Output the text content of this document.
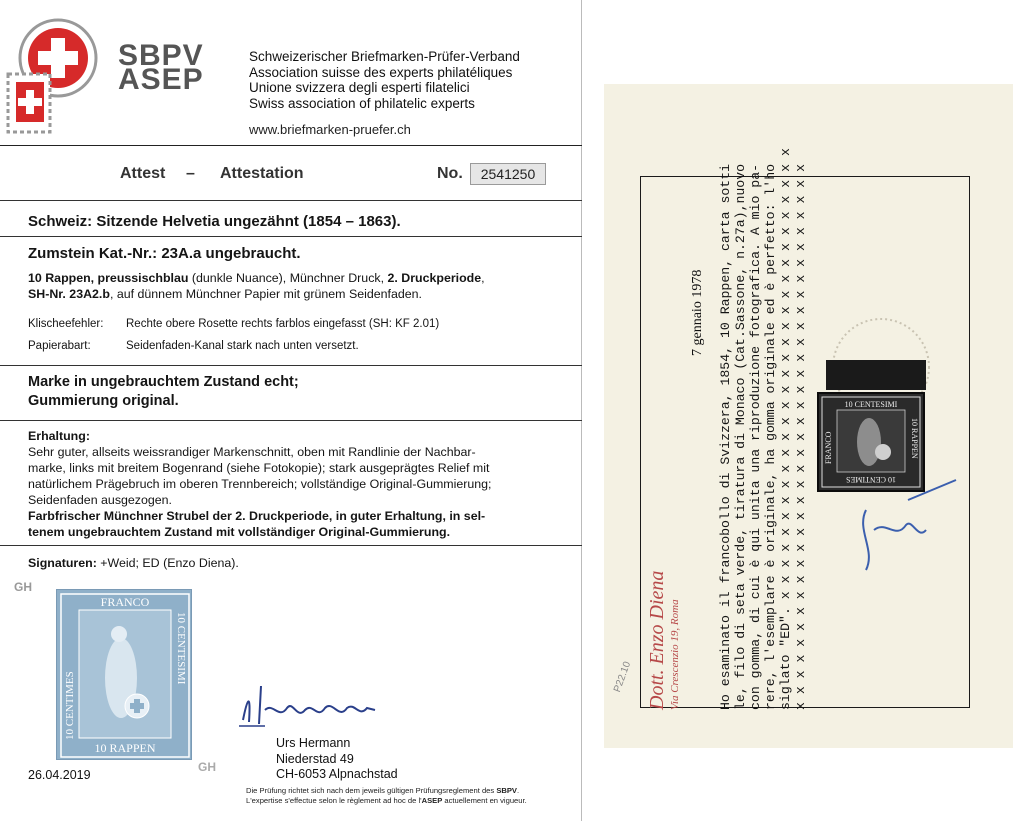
SBPV
ASEP
Schweizerischer Briefmarken-Prüfer-Verband
Association suisse des experts philatéliques
Unione svizzera degli esperti filatelici
Swiss association of philatelic experts
www.briefmarken-pruefer.ch
Attest – Attestation	No.	2541250
Schweiz: Sitzende Helvetia ungezähnt (1854 – 1863).
Zumstein Kat.-Nr.: 23A.a ungebraucht.
10 Rappen, preussischblau (dunkle Nuance), Münchner Druck, 2. Druckperiode,
SH-Nr. 23A2.b, auf dünnem Münchner Papier mit grünem Seidenfaden.
Klischeefehler: Rechte obere Rosette rechts farblos eingefasst (SH: KF 2.01)
Papierabart:	Seidenfaden-Kanal stark nach unten versetzt.
Marke in ungebrauchtem Zustand echt;
Gummierung original.
Erhaltung:
Sehr guter, allseits weissrandiger Markenschnitt, oben mit Randlinie der Nachbar-
marke, links mit breitem Bogenrand (siehe Fotokopie); stark ausgeprägtes Relief mit
natürlichem Prägebruch im oberen Trennbereich; vollständige Original-Gummierung;
Seidenfaden ausgezogen.
Farbfrischer Münchner Strubel der 2. Druckperiode, in guter Erhaltung, in sel-
tenem ungebrauchtem Zustand mit vollständiger Original-Gummierung.
Signaturen: +Weid; ED (Enzo Diena).
GH
FRANCO
10 RAPPEN
10 CENTIMES
10 CENTESIMI
GH
Urs Hermann
Niederstad 49
CH-6053 Alpnachstad
26.04.2019
Die Prüfung richtet sich nach dem jeweils gültigen Prüfungsreglement des SBPV.
L'expertise s'effectue selon le règlement ad hoc de l'ASEP actuellement en vigueur.
7 gennaio 1978 Ho esaminato il francobollo di Svizzera, 1854, 10 Rappen, carta sotti le, filo di seta verde, tiratura di Monaco (Cat.Sassone, n.27a),nuovo con gomma, di cui è qui unita una riproduzione fotografica. A mio pa- rere, l'esemplare è originale, ha gomma originale ed è perfetto: l'ho siglato "ED". x x x x x x x x x x x x x x x x x x x x x x x x x x x x x x x x x x x x x x x x x x x x x x x x x x x x x x x x x x x x x x x x
Dott. Enzo Diena Via Crescenzio 19, Roma
P22.10
10 CENTESIMI
10 CENTIMES
FRANCO	10 RAPPEN
